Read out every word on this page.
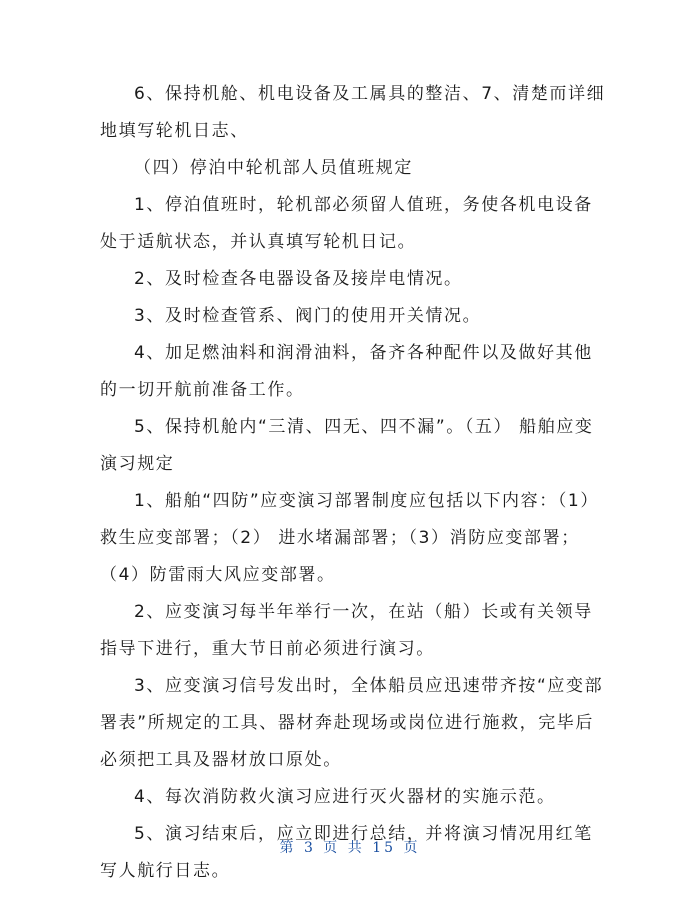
6、保持机舱、机电设备及工属具的整洁、7、清楚而详细地填写轮机日志、

（四）停泊中轮机部人员值班规定

1、停泊值班时，轮机部必须留人值班，务使各机电设备处于适航状态，并认真填写轮机日记。

2、及时检查各电器设备及接岸电情况。

3、及时检查管系、阀门的使用开关情况。

4、加足燃油料和润滑油料，备齐各种配件以及做好其他的一切开航前准备工作。

5、保持机舱内“三清、四无、四不漏”。（五） 船舶应变演习规定

1、船舶“四防”应变演习部署制度应包括以下内容：（1）救生应变部署；（2） 进水堵漏部署；（3）消防应变部署；（4）防雷雨大风应变部署。

2、应变演习每半年举行一次，在站（船）长或有关领导指导下进行，重大节日前必须进行演习。

3、应变演习信号发出时，全体船员应迅速带齐按“应变部署表”所规定的工具、器材奔赴现场或岗位进行施救，完毕后必须把工具及器材放口原处。

4、每次消防救火演习应进行灭火器材的实施示范。

5、演习结束后，应立即进行总结，并将演习情况用红笔写人航行日志。

第 3 页 共 15 页
